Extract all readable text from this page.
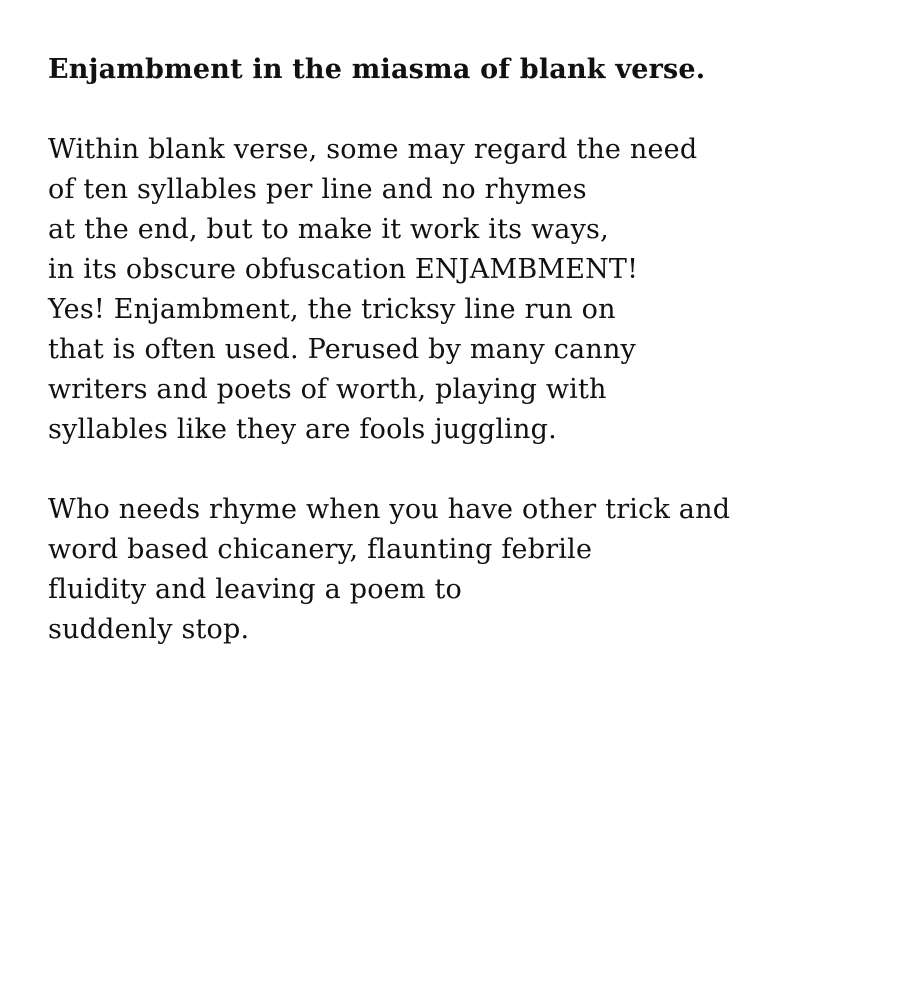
Enjambment in the miasma of blank verse.
Within blank verse, some may regard the need
of ten syllables per line and no rhymes
at the end, but to make it work its ways,
in its obscure obfuscation ENJAMBMENT!
Yes! Enjambment, the tricksy line run on
that is often used. Perused by many canny
writers and poets of worth, playing with
syllables like they are fools juggling.
Who needs rhyme when you have other trick and
word based chicanery, flaunting febrile
fluidity and leaving a poem to
suddenly stop.
